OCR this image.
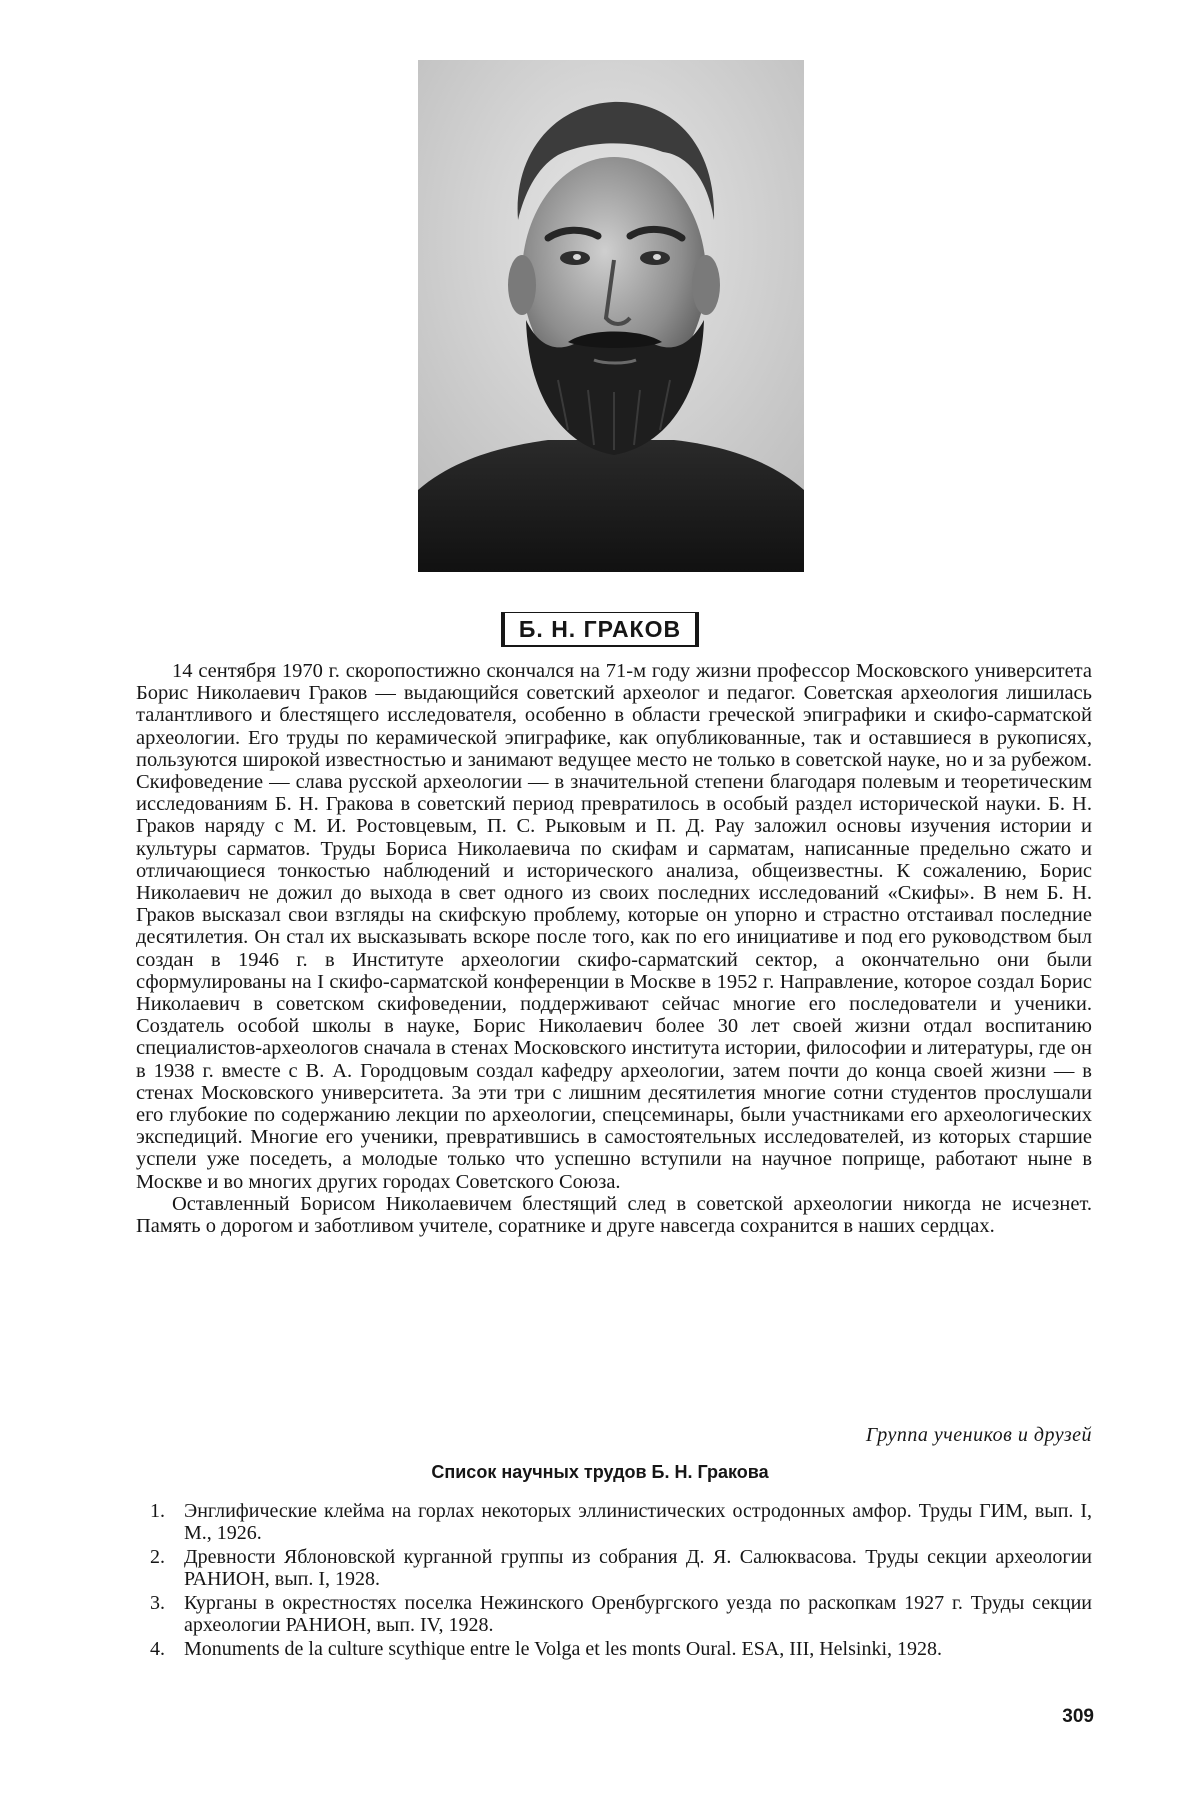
Б. Н. ГРАКОВ

14 сентября 1970 г. скоропостижно скончался на 71-м году жизни профессор Московского университета Борис Николаевич Граков — выдающийся советский археолог и педагог. Советская археология лишилась талантливого и блестящего исследователя, особенно в области греческой эпиграфики и скифо-сарматской археологии. Его труды по керамической эпиграфике, как опубликованные, так и оставшиеся в рукописях, пользуются широкой известностью и занимают ведущее место не только в советской науке, но и за рубежом. Скифоведение — слава русской археологии — в значительной степени благодаря полевым и теоретическим исследованиям Б. Н. Гракова в советский период превратилось в особый раздел исторической науки. Б. Н. Граков наряду с М. И. Ростовцевым, П. С. Рыковым и П. Д. Рау заложил основы изучения истории и культуры сарматов. Труды Бориса Николаевича по скифам и сарматам, написанные предельно сжато и отличающиеся тонкостью наблюдений и исторического анализа, общеизвестны. К сожалению, Борис Николаевич не дожил до выхода в свет одного из своих последних исследований «Скифы». В нем Б. Н. Граков высказал свои взгляды на скифскую проблему, которые он упорно и страстно отстаивал последние десятилетия. Он стал их высказывать вскоре после того, как по его инициативе и под его руководством был создан в 1946 г. в Институте археологии скифо-сарматский сектор, а окончательно они были сформулированы на I скифо-сарматской конференции в Москве в 1952 г. Направление, которое создал Борис Николаевич в советском скифоведении, поддерживают сейчас многие его последователи и ученики. Создатель особой школы в науке, Борис Николаевич более 30 лет своей жизни отдал воспитанию специалистов-археологов сначала в стенах Московского института истории, философии и литературы, где он в 1938 г. вместе с В. А. Городцовым создал кафедру археологии, затем почти до конца своей жизни — в стенах Московского университета. За эти три с лишним десятилетия многие сотни студентов прослушали его глубокие по содержанию лекции по археологии, спецсеминары, были участниками его археологических экспедиций. Многие его ученики, превратившись в самостоятельных исследователей, из которых старшие успели уже поседеть, а молодые только что успешно вступили на научное поприще, работают ныне в Москве и во многих других городах Советского Союза.

Оставленный Борисом Николаевичем блестящий след в советской археологии никогда не исчезнет. Память о дорогом и заботливом учителе, соратнике и друге навсегда сохранится в наших сердцах.

Группа учеников и друзей
Список научных трудов Б. Н. Гракова
1. Энглифические клейма на горлах некоторых эллинистических остродонных амфор. Труды ГИМ, вып. I, М., 1926.
2. Древности Яблоновской курганной группы из собрания Д. Я. Салюквасова. Труды секции археологии РАНИОН, вып. I, 1928.
3. Курганы в окрестностях поселка Нежинского Оренбургского уезда по раскопкам 1927 г. Труды секции археологии РАНИОН, вып. IV, 1928.
4. Monuments de la culture scythique entre le Volga et les monts Oural. ESA, III, Helsinki, 1928.
309
